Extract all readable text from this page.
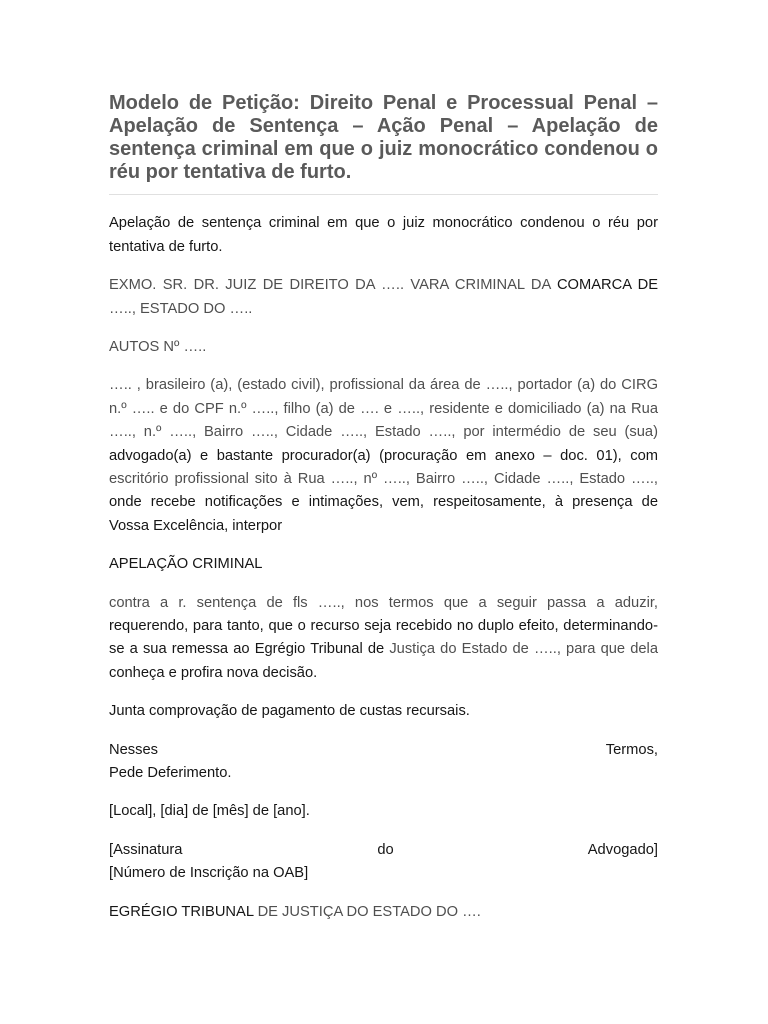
Modelo de Petição: Direito Penal e Processual Penal –
Apelação de Sentença – Ação Penal – Apelação de
sentença criminal em que o juiz monocrático condenou o
réu por tentativa de furto.
Apelação de sentença criminal em que o juiz monocrático condenou o réu por
tentativa de furto.
EXMO. SR. DR. JUIZ DE DIREITO DA ….. VARA CRIMINAL DA COMARCA DE
….., ESTADO DO …..
AUTOS Nº …..
….. , brasileiro (a), (estado civil), profissional da área de ….., portador (a) do CIRG
n.º ….. e do CPF n.º ….., filho (a) de …. e ….., residente e domiciliado (a) na Rua
….., n.º ….., Bairro ….., Cidade ….., Estado ….., por intermédio de seu (sua)
advogado(a) e bastante procurador(a) (procuração em anexo – doc. 01), com
escritório profissional sito à Rua ….., nº ….., Bairro ….., Cidade ….., Estado …..,
onde recebe notificações e intimações, vem, respeitosamente, à presença de
Vossa Excelência, interpor
APELAÇÃO CRIMINAL
contra a r. sentença de fls ….., nos termos que a seguir passa a aduzir,
requerendo, para tanto, que o recurso seja recebido no duplo efeito, determinando-
se a sua remessa ao Egrégio Tribunal de Justiça do Estado de ….., para que dela
conheça e profira nova decisão.
Junta comprovação de pagamento de custas recursais.
Nesses Termos,
Pede Deferimento.
[Local], [dia] de [mês] de [ano].
[Assinatura do Advogado]
[Número de Inscrição na OAB]
EGRÉGIO TRIBUNAL DE JUSTIÇA DO ESTADO DO ….
